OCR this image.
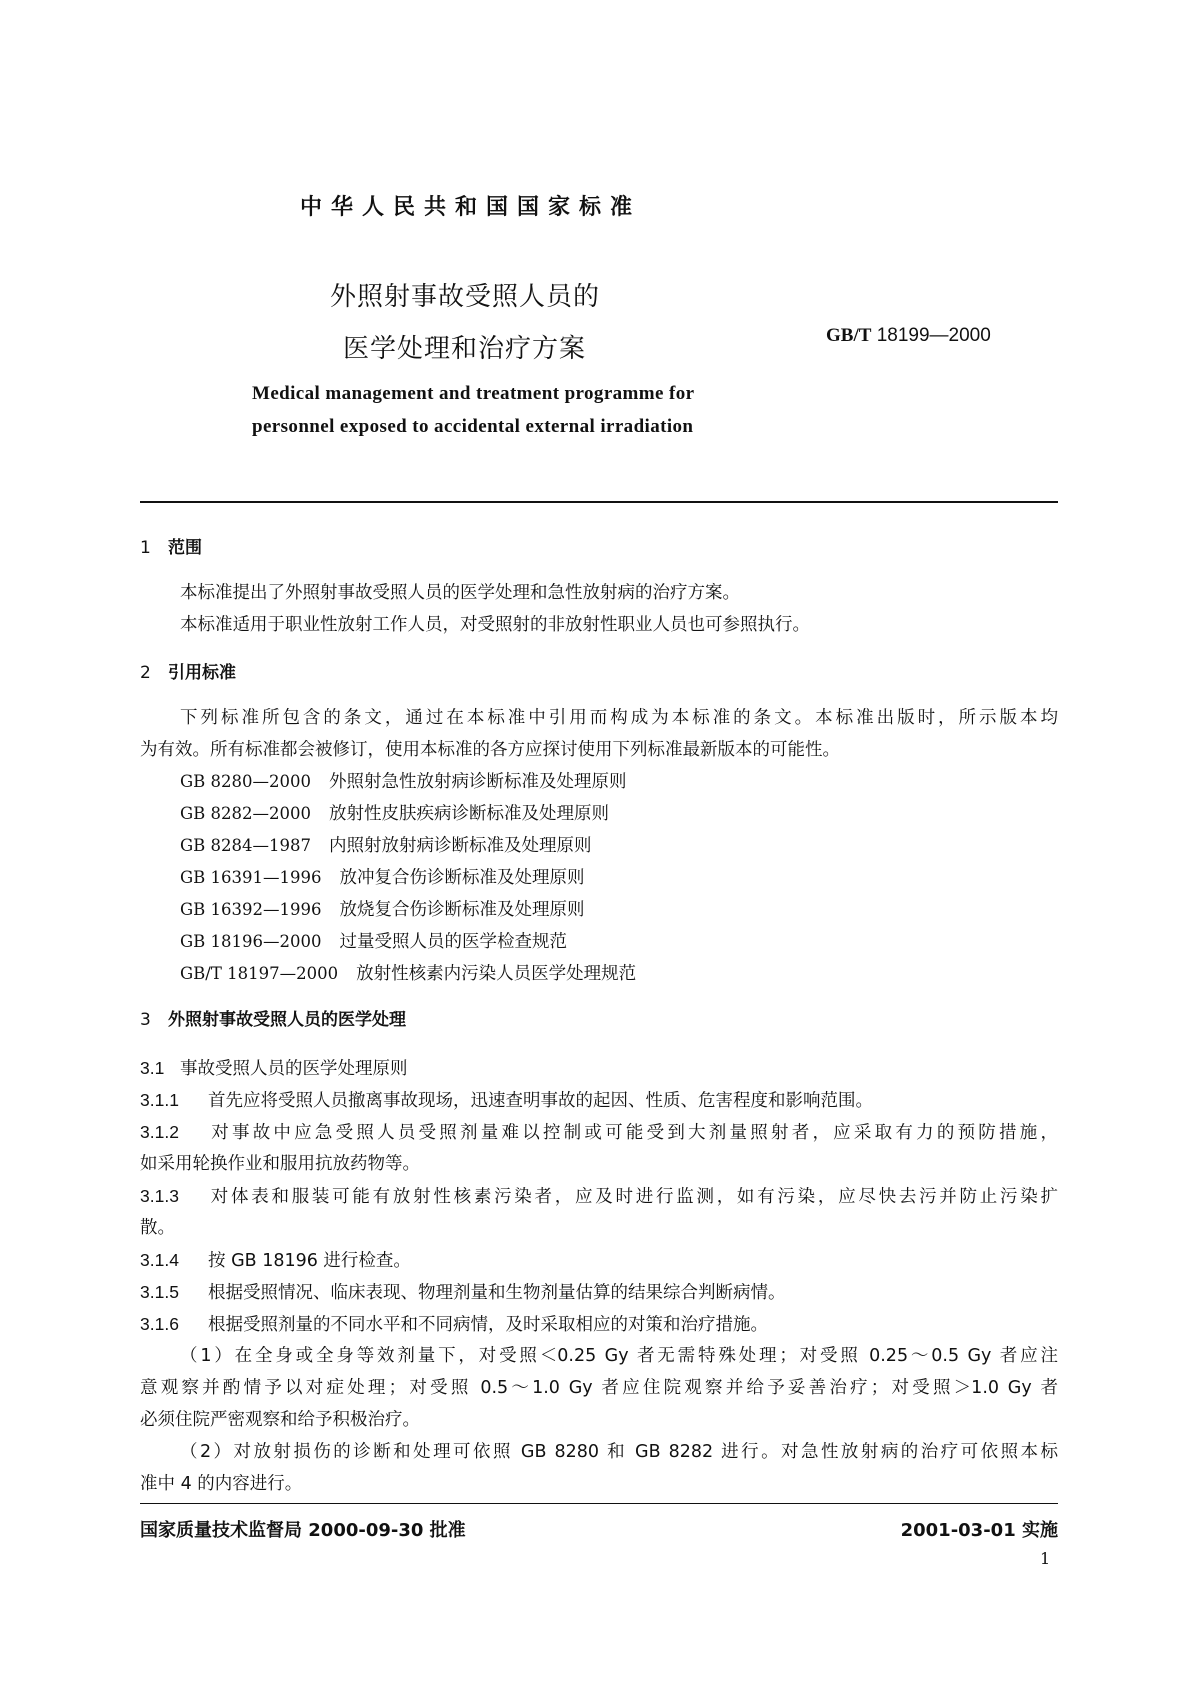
中华人民共和国国家标准
外照射事故受照人员的
医学处理和治疗方案	GB/T 18199—2000
Medical management and treatment programme for
personnel exposed to accidental external irradiation
1 范围
本标准提出了外照射事故受照人员的医学处理和急性放射病的治疗方案。
本标准适用于职业性放射工作人员，对受照射的非放射性职业人员也可参照执行。
2 引用标准
下列标准所包含的条文，通过在本标准中引用而构成为本标准的条文。本标准出版时，所示版本均
为有效。所有标准都会被修订，使用本标准的各方应探讨使用下列标准最新版本的可能性。
GB 8280—2000 外照射急性放射病诊断标准及处理原则
GB 8282—2000 放射性皮肤疾病诊断标准及处理原则
GB 8284—1987 内照射放射病诊断标准及处理原则
GB 16391—1996 放冲复合伤诊断标准及处理原则
GB 16392—1996 放烧复合伤诊断标准及处理原则
GB 18196—2000 过量受照人员的医学检查规范
GB/T 18197—2000 放射性核素内污染人员医学处理规范
3 外照射事故受照人员的医学处理
3.1 事故受照人员的医学处理原则
3.1.1 首先应将受照人员撤离事故现场，迅速查明事故的起因、性质、危害程度和影响范围。
3.1.2 对事故中应急受照人员受照剂量难以控制或可能受到大剂量照射者，应采取有力的预防措施，
如采用轮换作业和服用抗放药物等。
3.1.3 对体表和服装可能有放射性核素污染者，应及时进行监测，如有污染，应尽快去污并防止污染扩
散。
3.1.4 按 GB 18196 进行检查。
3.1.5 根据受照情况、临床表现、物理剂量和生物剂量估算的结果综合判断病情。
3.1.6 根据受照剂量的不同水平和不同病情，及时采取相应的对策和治疗措施。
（1）在全身或全身等效剂量下，对受照＜0.25 Gy 者无需特殊处理；对受照 0.25～0.5 Gy 者应注
意观察并酌情予以对症处理；对受照 0.5～1.0 Gy 者应住院观察并给予妥善治疗；对受照＞1.0 Gy 者
必须住院严密观察和给予积极治疗。
（2）对放射损伤的诊断和处理可依照 GB 8280 和 GB 8282 进行。对急性放射病的治疗可依照本标
准中 4 的内容进行。
国家质量技术监督局 2000-09-30 批准	2001-03-01 实施
1
